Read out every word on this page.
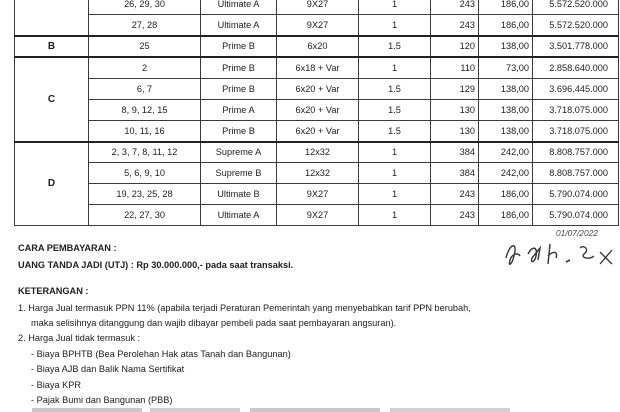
	26, 29, 30	Ultimate A	9X27	1	243	186,00	5.572.520.000
	27, 28	Ultimate A	9X27	1	243	186,00	5.572.520.000
B	25	Prime B	6x20	1.5	120	138,00	3.501.778.000
C	2	Prime B	6x18 + Var	1	110	73,00	2.858.640.000
	6, 7	Prime B	6x20 + Var	1.5	129	138,00	3.696.445.000
	8, 9, 12, 15	Prime A	6x20 + Var	1.5	130	138,00	3.718.075.000
	10, 11, 16	Prime B	6x20 + Var	1.5	130	138,00	3.718.075.000
D	2, 3, 7, 8, 11, 12	Supreme A	12x32	1	384	242,00	8.808.757.000
	5, 6, 9, 10	Supreme B	12x32	1	384	242,00	8.808.757.000
	19, 23, 25, 28	Ultimate B	9X27	1	243	186,00	5.790.074.000
	22, 27, 30	Ultimate A	9X27	1	243	186,00	5.790.074.000
01/07/2022
CARA PEMBAYARAN :
UANG TANDA JADI (UTJ) : Rp 30.000.000,- pada saat transaksi.
KETERANGAN :
1. Harga Jual termasuk PPN 11% (apabila terjadi Peraturan Pemerintah yang menyebabkan tarif PPN berubah,
maka selisihnya ditanggung dan wajib dibayar pembeli pada saat pembayaran angsuran).
2. Harga Jual tidak termasuk :
- Biaya BPHTB (Bea Perolehan Hak atas Tanah dan Bangunan)
- Biaya AJB dan Balik Nama Sertifikat
- Biaya KPR
- Pajak Bumi dan Bangunan (PBB)
